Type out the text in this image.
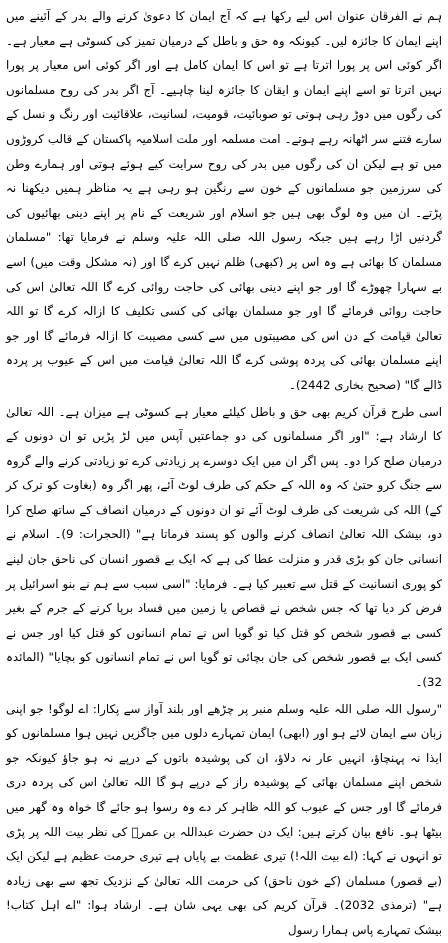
ہم نے الفرقان عنوان اس لیے رکھا ہے کہ آج ایمان کا دعویٰ کرنے والے بدر کے آئینے میں اپنے ایمان کا جائزہ لیں۔ کیونکہ وہ حق و باطل کے درمیان تمیز کی کسوٹی ہے معیار ہے۔ اگر کوئی اس پر پورا اترتا ہے تو اس کا ایمان کامل ہے اور اگر کوئی اس معیار پر پورا نہیں اترتا تو اسے اپنے ایمان و ایقان کا جائزہ لینا چاہیے۔ آج اگر بدر کی روح مسلمانوں کی رگوں میں دوڑ رہی ہوتی تو صوبائیت، قومیت، لسانیت، علاقائیت اور رنگ و نسل کے سارے فتنے سر اٹھانہ رہے ہوتے۔ امت مسلمہ اور ملت اسلامیہ پاکستان کے قالب کروڑوں میں تو ہے لیکن ان کی رگوں میں بدر کی روح سرایت کیے ہوئے ہوتی اور ہمارے وطن کی سرزمین جو مسلمانوں کے خون سے رنگین ہو رہی ہے یہ مناظر ہمیں دیکھنا نہ پڑتے۔ ان میں وہ لوگ بھی ہیں جو اسلام اور شریعت کے نام پر اپنے دینی بھائیوں کی گردنیں اڑا رہے ہیں جبکہ رسول اللہ صلی اللہ علیہ وسلم نے فرمایا تھا: "مسلمان مسلمان کا بھائی ہے وہ اس پر (کبھی) ظلم نہیں کرے گا اور (نہ مشکل وقت میں) اسے بے سہارا چھوڑے گا اور جو اپنے دینی بھائی کی حاجت روائی کرے گا اللہ تعالیٰ اس کی حاجت روائی فرمائے گا اور جو مسلمان بھائی کی کسی تکلیف کا ازالہ کرے گا تو اللہ تعالیٰ قیامت کے دن اس کی مصیبتوں میں سے کسی مصیبت کا ازالہ فرمائے گا اور جو اپنے مسلمان بھائی کی پردہ پوشی کرے گا اللہ تعالیٰ قیامت میں اس کے عیوب پر پردہ ڈالے گا" (صحیح بخاری 2442)۔

اسی طرح قرآن کریم بھی حق و باطل کیلئے معیار ہے کسوٹی ہے میزان ہے۔ اللہ تعالیٰ کا ارشاد ہے: "اور اگر مسلمانوں کی دو جماعتیں آپس میں لڑ پڑیں تو ان دونوں کے درمیان صلح کرا دو۔ پس اگر ان میں ایک دوسرے پر زیادتی کرے تو زیادتی کرنے والے گروہ سے جنگ کرو حتیٰ کہ وہ اللہ کے حکم کی طرف لوٹ آئے، پھر اگر وہ (بغاوت کو ترک کر کے) اللہ کی شریعت کی طرف لوٹ آئے تو ان دونوں کے درمیان انصاف کے ساتھ صلح کرا دو، بیشک اللہ تعالیٰ انصاف کرنے والوں کو پسند فرماتا ہے" (الحجرات: 9)۔ اسلام نے انسانی جان کو بڑی قدر و منزلت عطا کی ہے کہ ایک بے قصور انسان کی ناحق جان لینے کو پوری انسانیت کے قتل سے تعبیر کیا ہے۔ فرمایا: "اسی سبب سے ہم نے بنو اسرائیل پر فرض کر دیا تھا کہ جس شخص نے قصاص یا زمین میں فساد برپا کرنے کے جرم کے بغیر کسی بے قصور شخص کو قتل کیا تو گویا اس نے تمام انسانوں کو قتل کیا اور جس نے کسی ایک بے قصور شخص کی جان بچائی تو گویا اس نے تمام انسانوں کو بچایا" (المائدہ 32)۔

"رسول اللہ صلی اللہ علیہ وسلم منبر پر چڑھے اور بلند آواز سے پکارا: اے لوگو! جو اپنی زبان سے ایمان لائے ہو اور (ابھی) ایمان تمہارے دلوں میں جاگزیں نہیں ہوا مسلمانوں کو ایذا نہ پہنچاؤ، انہیں عار نہ دلاؤ، ان کی پوشیدہ باتوں کے درپے نہ ہو جاؤ کیونکہ جو شخص اپنے مسلمان بھائی کے پوشیدہ راز کے درپے ہو گا اللہ تعالیٰ اس کی پردہ دری فرمائے گا اور جس کے عیوب کو اللہ ظاہر کر دے وہ رسوا ہو جائے گا خواہ وہ گھر میں بیٹھا ہو۔ نافع بیان کرتے ہیں: ایک دن حضرت عبداللہ بن عمرؓ کی نظر بیت اللہ پر پڑی تو انہوں نے کہا: (اے بیت اللہ!) تیری عظمت بے پایاں ہے تیری حرمت عظیم ہے لیکن ایک (بے قصور) مسلمان (کے خون ناحق) کی حرمت اللہ تعالیٰ کے نزدیک تجھ سے بھی زیادہ ہے" (ترمذی 2032)۔ قرآن کریم کی بھی یہی شان ہے۔ ارشاد ہوا: "اے اہل کتاب! بیشک تمہارے پاس ہمارا رسول
